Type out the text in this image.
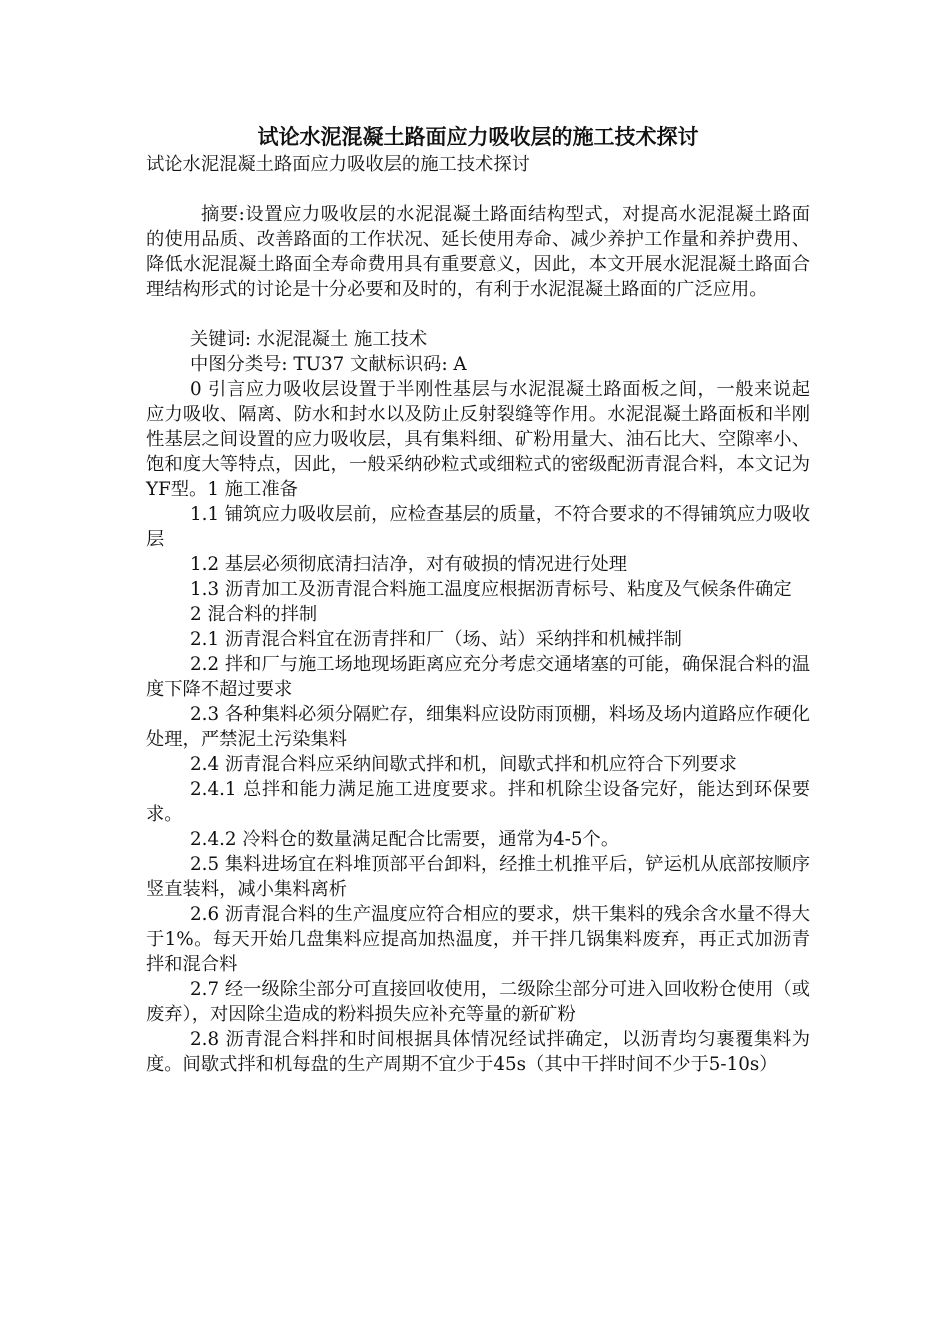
试论水泥混凝土路面应力吸收层的施工技术探讨

试论水泥混凝土路面应力吸收层的施工技术探讨

摘要:设置应力吸收层的水泥混凝土路面结构型式，对提高水泥混凝土路面的使用品质、改善路面的工作状况、延长使用寿命、减少养护工作量和养护费用、降低水泥混凝土路面全寿命费用具有重要意义，因此，本文开展水泥混凝土路面合理结构形式的讨论是十分必要和及时的，有利于水泥混凝土路面的广泛应用。

关键词: 水泥混凝土 施工技术

中图分类号: TU37 文献标识码: A

0 引言应力吸收层设置于半刚性基层与水泥混凝土路面板之间，一般来说起应力吸收、隔离、防水和封水以及防止反射裂缝等作用。水泥混凝土路面板和半刚性基层之间设置的应力吸收层，具有集料细、矿粉用量大、油石比大、空隙率小、饱和度大等特点，因此，一般采纳砂粒式或细粒式的密级配沥青混合料，本文记为YF型。1 施工准备

1.1 铺筑应力吸收层前，应检查基层的质量，不符合要求的不得铺筑应力吸收层

1.2 基层必须彻底清扫洁净，对有破损的情况进行处理

1.3 沥青加工及沥青混合料施工温度应根据沥青标号、粘度及气候条件确定

2 混合料的拌制

2.1 沥青混合料宜在沥青拌和厂（场、站）采纳拌和机械拌制

2.2 拌和厂与施工场地现场距离应充分考虑交通堵塞的可能，确保混合料的温度下降不超过要求

2.3 各种集料必须分隔贮存，细集料应设防雨顶棚，料场及场内道路应作硬化处理，严禁泥土污染集料

2.4 沥青混合料应采纳间歇式拌和机，间歇式拌和机应符合下列要求

2.4.1 总拌和能力满足施工进度要求。拌和机除尘设备完好，能达到环保要求。

2.4.2 冷料仓的数量满足配合比需要，通常为4-5个。

2.5 集料进场宜在料堆顶部平台卸料，经推土机推平后，铲运机从底部按顺序竖直装料，减小集料离析

2.6 沥青混合料的生产温度应符合相应的要求，烘干集料的残余含水量不得大于1%。每天开始几盘集料应提高加热温度，并干拌几锅集料废弃，再正式加沥青拌和混合料

2.7 经一级除尘部分可直接回收使用，二级除尘部分可进入回收粉仓使用（或废弃），对因除尘造成的粉料损失应补充等量的新矿粉

2.8 沥青混合料拌和时间根据具体情况经试拌确定，以沥青均匀裹覆集料为度。间歇式拌和机每盘的生产周期不宜少于45s（其中干拌时间不少于5-10s）
